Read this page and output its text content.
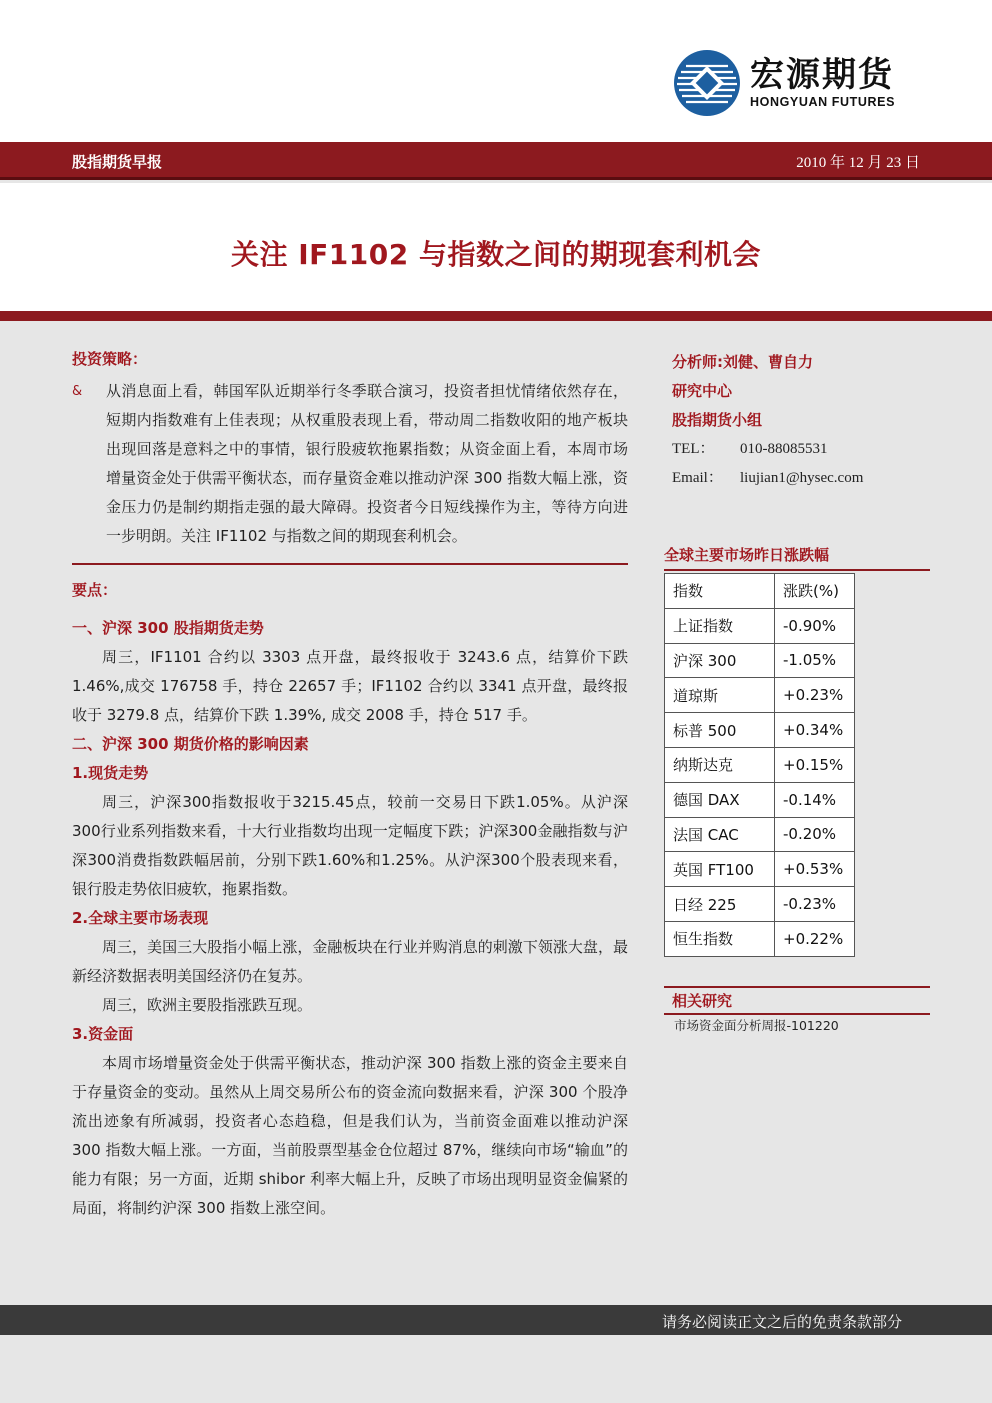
宏源期货
HONGYUAN FUTURES
股指期货早报	2010 年 12 月 23 日
关注 IF1102 与指数之间的期现套利机会
投资策略：
&	从消息面上看，韩国军队近期举行冬季联合演习，投资者担忧情绪依然存在，短期内指数难有上佳表现；从权重股表现上看，带动周二指数收阳的地产板块出现回落是意料之中的事情，银行股疲软拖累指数；从资金面上看，本周市场增量资金处于供需平衡状态，而存量资金难以推动沪深 300 指数大幅上涨，资金压力仍是制约期指走强的最大障碍。投资者今日短线操作为主，等待方向进一步明朗。关注 IF1102 与指数之间的期现套利机会。
要点：
一、沪深 300 股指期货走势
周三，IF1101 合约以 3303 点开盘，最终报收于 3243.6 点，结算价下跌 1.46%,成交 176758 手，持仓 22657 手；IF1102 合约以 3341 点开盘，最终报收于 3279.8 点，结算价下跌 1.39%, 成交 2008 手，持仓 517 手。
二、沪深 300 期货价格的影响因素
1.现货走势
周三，沪深300指数报收于3215.45点，较前一交易日下跌1.05%。从沪深300行业系列指数来看，十大行业指数均出现一定幅度下跌；沪深300金融指数与沪深300消费指数跌幅居前，分别下跌1.60%和1.25%。从沪深300个股表现来看，银行股走势依旧疲软，拖累指数。
2.全球主要市场表现
周三，美国三大股指小幅上涨，金融板块在行业并购消息的刺激下领涨大盘，最新经济数据表明美国经济仍在复苏。
周三，欧洲主要股指涨跌互现。
3.资金面
本周市场增量资金处于供需平衡状态，推动沪深 300 指数上涨的资金主要来自于存量资金的变动。虽然从上周交易所公布的资金流向数据来看，沪深 300 个股净流出迹象有所减弱，投资者心态趋稳，但是我们认为，当前资金面难以推动沪深 300 指数大幅上涨。一方面，当前股票型基金仓位超过 87%，继续向市场“输血”的能力有限；另一方面，近期 shibor 利率大幅上升，反映了市场出现明显资金偏紧的局面，将制约沪深 300 指数上涨空间。
分析师:刘健、曹自力
研究中心
股指期货小组
TEL：	010-88085531
Email：	liujian1@hysec.com
全球主要市场昨日涨跌幅
指数	涨跌(%)
上证指数	-0.90%
沪深 300	-1.05%
道琼斯	+0.23%
标普 500	+0.34%
纳斯达克	+0.15%
德国 DAX	-0.14%
法国 CAC	-0.20%
英国 FT100	+0.53%
日经 225	-0.23%
恒生指数	+0.22%
相关研究
市场资金面分析周报-101220
请务必阅读正文之后的免责条款部分
